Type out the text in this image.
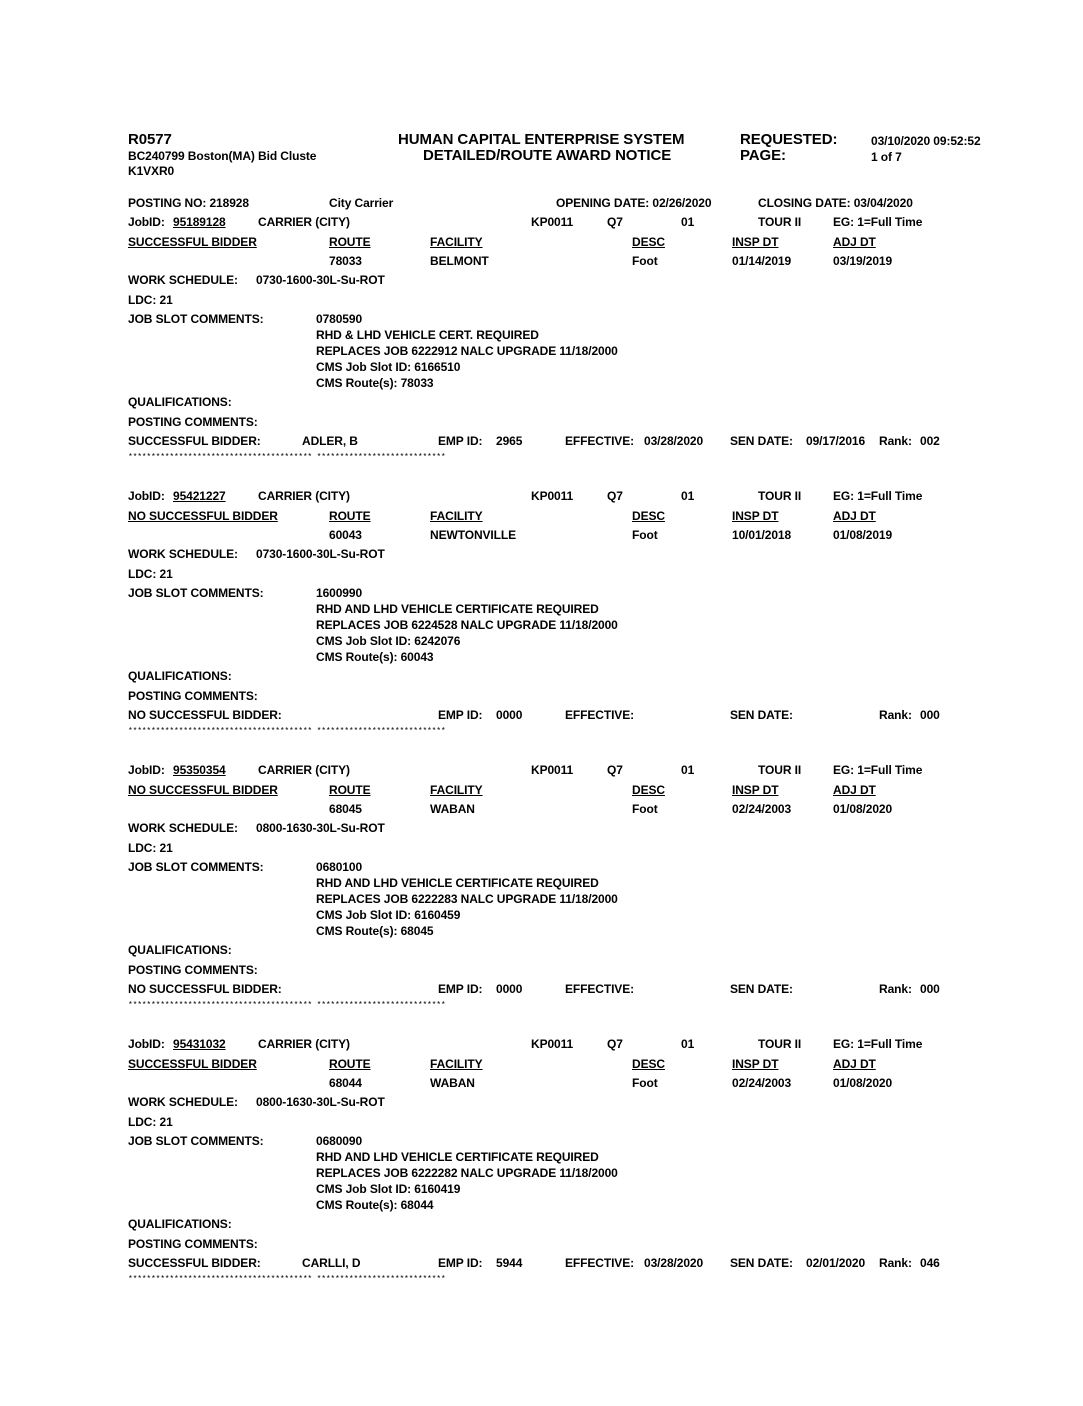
R0577
BC240799 Boston(MA) Bid Cluste
K1VXR0
HUMAN CAPITAL ENTERPRISE SYSTEM
DETAILED/ROUTE AWARD NOTICE
REQUESTED:
PAGE:
03/10/2020 09:52:52
1 of 7
POSTING NO: 218928	City Carrier	OPENING DATE: 02/26/2020	CLOSING DATE: 03/04/2020
JobID: 95189128	CARRIER (CITY)	KP0011	Q7	01	TOUR II	EG: 1=Full Time
SUCCESSFUL BIDDER	ROUTE	FACILITY	DESC	INSP DT	ADJ DT
78033	BELMONT	Foot	01/14/2019	03/19/2019
WORK SCHEDULE: 0730-1600-30L-Su-ROT
LDC: 21
JOB SLOT COMMENTS:	0780590
RHD & LHD VEHICLE CERT. REQUIRED
REPLACES JOB 6222912 NALC UPGRADE 11/18/2000
CMS Job Slot ID: 6166510
CMS Route(s): 78033
QUALIFICATIONS:
POSTING COMMENTS:
SUCCESSFUL BIDDER:	ADLER, B	EMP ID: 2965	EFFECTIVE: 03/28/2020 SEN DATE: 09/17/2016 Rank: 002
**************************************** ****************************
JobID: 95421227	CARRIER (CITY)	KP0011	Q7	01	TOUR II	EG: 1=Full Time
NO SUCCESSFUL BIDDER	ROUTE	FACILITY	DESC	INSP DT	ADJ DT
60043	NEWTONVILLE	Foot	10/01/2018	01/08/2019
WORK SCHEDULE: 0730-1600-30L-Su-ROT
LDC: 21
JOB SLOT COMMENTS:	1600990
RHD AND LHD VEHICLE CERTIFICATE REQUIRED
REPLACES JOB 6224528 NALC UPGRADE 11/18/2000
CMS Job Slot ID: 6242076
CMS Route(s): 60043
QUALIFICATIONS:
POSTING COMMENTS:
NO SUCCESSFUL BIDDER:	EMP ID: 0000	EFFECTIVE:	SEN DATE:	Rank: 000
**************************************** ****************************
JobID: 95350354	CARRIER (CITY)	KP0011	Q7	01	TOUR II	EG: 1=Full Time
NO SUCCESSFUL BIDDER	ROUTE	FACILITY	DESC	INSP DT	ADJ DT
68045	WABAN	Foot	02/24/2003	01/08/2020
WORK SCHEDULE: 0800-1630-30L-Su-ROT
LDC: 21
JOB SLOT COMMENTS:	0680100
RHD AND LHD VEHICLE CERTIFICATE REQUIRED
REPLACES JOB 6222283 NALC UPGRADE 11/18/2000
CMS Job Slot ID: 6160459
CMS Route(s): 68045
QUALIFICATIONS:
POSTING COMMENTS:
NO SUCCESSFUL BIDDER:	EMP ID: 0000	EFFECTIVE:	SEN DATE:	Rank: 000
**************************************** ****************************
JobID: 95431032	CARRIER (CITY)	KP0011	Q7	01	TOUR II	EG: 1=Full Time
SUCCESSFUL BIDDER	ROUTE	FACILITY	DESC	INSP DT	ADJ DT
68044	WABAN	Foot	02/24/2003	01/08/2020
WORK SCHEDULE: 0800-1630-30L-Su-ROT
LDC: 21
JOB SLOT COMMENTS:	0680090
RHD AND LHD VEHICLE CERTIFICATE REQUIRED
REPLACES JOB 6222282 NALC UPGRADE 11/18/2000
CMS Job Slot ID: 6160419
CMS Route(s): 68044
QUALIFICATIONS:
POSTING COMMENTS:
SUCCESSFUL BIDDER:	CARLLI, D	EMP ID: 5944	EFFECTIVE: 03/28/2020 SEN DATE: 02/01/2020 Rank: 046
**************************************** ****************************
